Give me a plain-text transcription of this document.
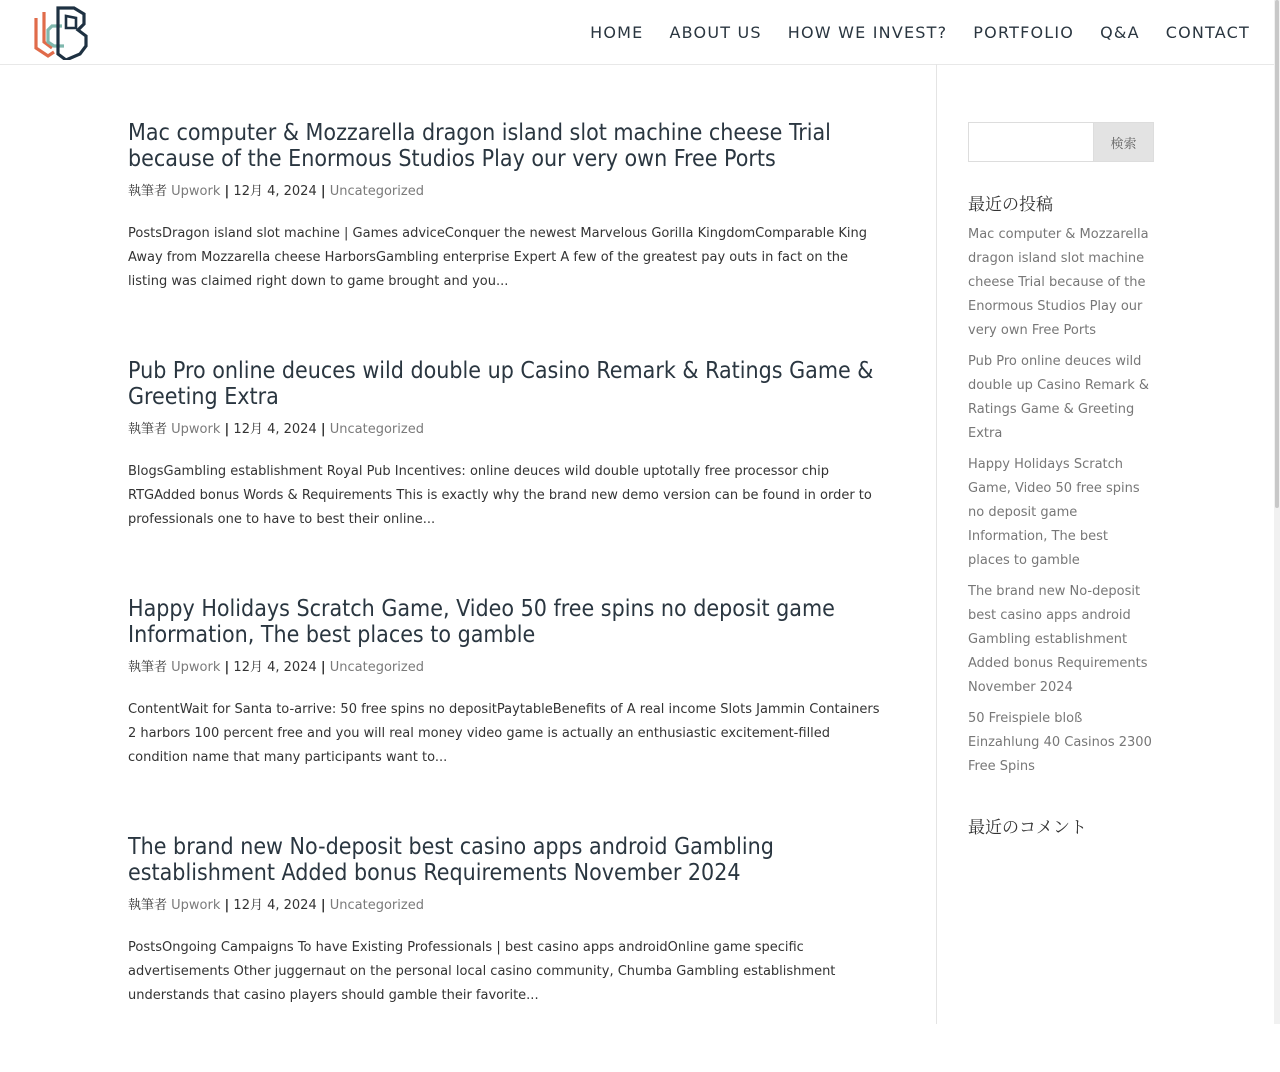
HOME ABOUT US HOW WE INVEST? PORTFOLIO Q&A CONTACT
Mac computer & Mozzarella dragon island slot machine cheese Trial because of the Enormous Studios Play our very own Free Ports
執筆者 Upwork | 12月 4, 2024 | Uncategorized
PostsDragon island slot machine | Games adviceConquer the newest Marvelous Gorilla KingdomComparable King Away from Mozzarella cheese HarborsGambling enterprise Expert A few of the greatest pay outs in fact on the listing was claimed right down to game brought and you...
Pub Pro online deuces wild double up Casino Remark & Ratings Game & Greeting Extra
執筆者 Upwork | 12月 4, 2024 | Uncategorized
BlogsGambling establishment Royal Pub Incentives: online deuces wild double uptotally free processor chip RTGAdded bonus Words & Requirements This is exactly why the brand new demo version can be found in order to professionals one to have to best their online...
Happy Holidays Scratch Game, Video 50 free spins no deposit game Information, The best places to gamble
執筆者 Upwork | 12月 4, 2024 | Uncategorized
ContentWait for Santa to-arrive: 50 free spins no depositPaytableBenefits of A real income Slots Jammin Containers 2 harbors 100 percent free and you will real money video game is actually an enthusiastic excitement-filled condition name that many participants want to...
The brand new No-deposit best casino apps android Gambling establishment Added bonus Requirements November 2024
執筆者 Upwork | 12月 4, 2024 | Uncategorized
PostsOngoing Campaigns To have Existing Professionals | best casino apps androidOnline game specific advertisements Other juggernaut on the personal local casino community, Chumba Gambling establishment understands that casino players should gamble their favorite...
検索
最近の投稿
Mac computer & Mozzarella dragon island slot machine cheese Trial because of the Enormous Studios Play our very own Free Ports
Pub Pro online deuces wild double up Casino Remark & Ratings Game & Greeting Extra
Happy Holidays Scratch Game, Video 50 free spins no deposit game Information, The best places to gamble
The brand new No-deposit best casino apps android Gambling establishment Added bonus Requirements November 2024
50 Freispiele bloß Einzahlung 40 Casinos 2300 Free Spins
最近のコメント
